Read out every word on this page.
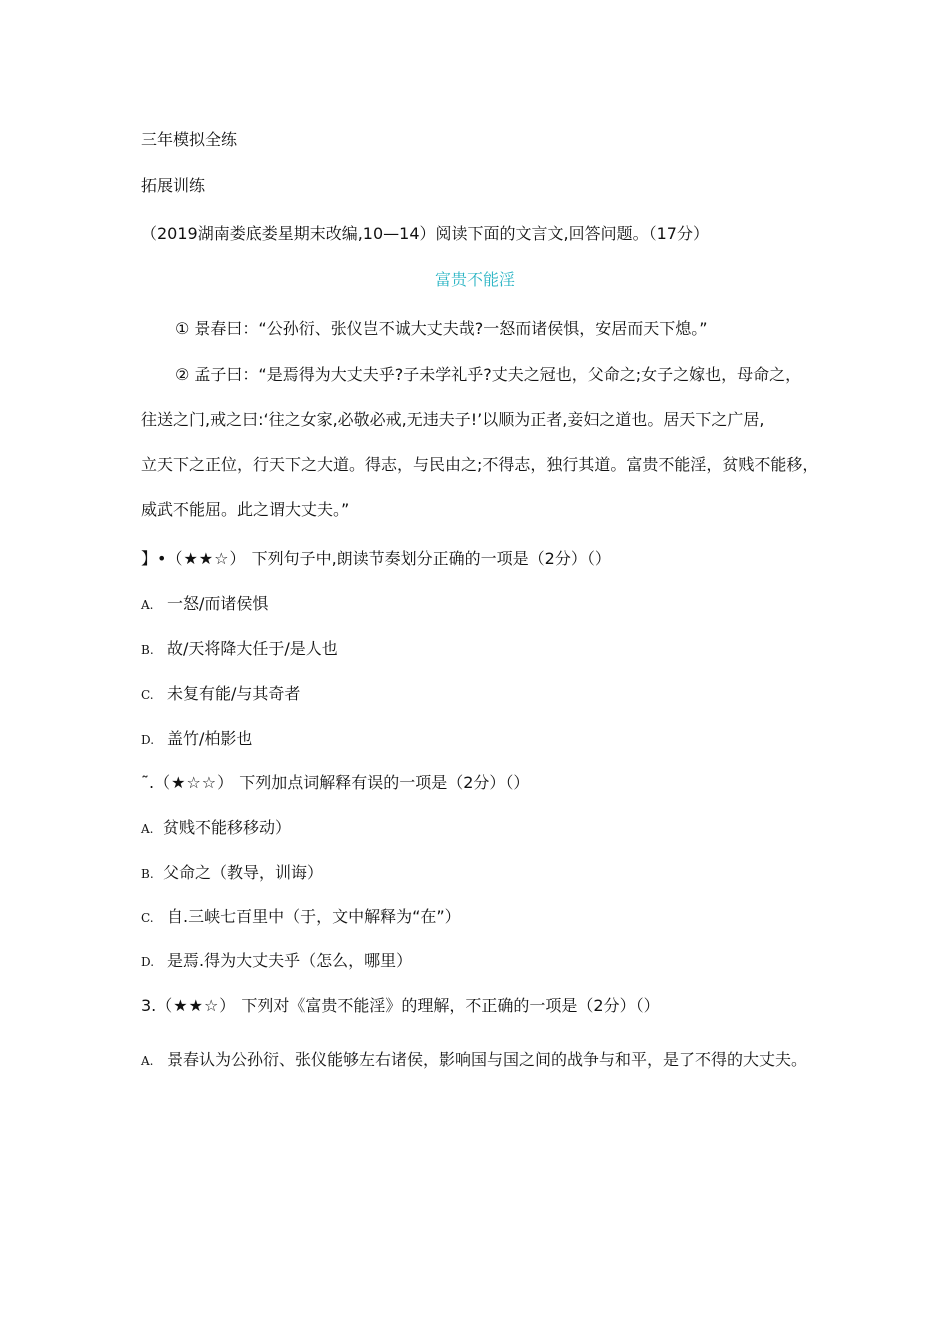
三年模拟全练
拓展训练
（2019湖南娄底娄星期末改编,10—14）阅读下面的文言文,回答问题。（17分）
富贵不能淫
① 景春曰：“公孙衍、张仪岂不诚大丈夫哉?一怒而诸侯惧，安居而天下熄。”
② 孟子曰：“是焉得为大丈夫乎?子未学礼乎?丈夫之冠也，父命之;女子之嫁也，母命之，
往送之门,戒之曰:‘往之女家,必敬必戒,无违夫子!’以顺为正者,妾妇之道也。居天下之广居,
立天下之正位，行天下之大道。得志，与民由之;不得志，独行其道。富贵不能淫，贫贱不能移，
威武不能屈。此之谓大丈夫。”
】•（★★☆） 下列句子中,朗读节奏划分正确的一项是（2分）（）
A. 一怒/而诸侯惧
B. 故/天将降大任于/是人也
C. 未复有能/与其奇者
D. 盖竹/柏影也
˜.（★☆☆） 下列加点词解释有误的一项是（2分）（）
A. 贫贱不能移移动）
B. 父命之（教导，训诲）
C. 自.三峡七百里中（于，文中解释为“在”）
D. 是焉.得为大丈夫乎（怎么，哪里）
3.（★★☆） 下列对《富贵不能淫》的理解，不正确的一项是（2分）（）
A. 景春认为公孙衍、张仪能够左右诸侯，影响国与国之间的战争与和平，是了不得的大丈夫。
